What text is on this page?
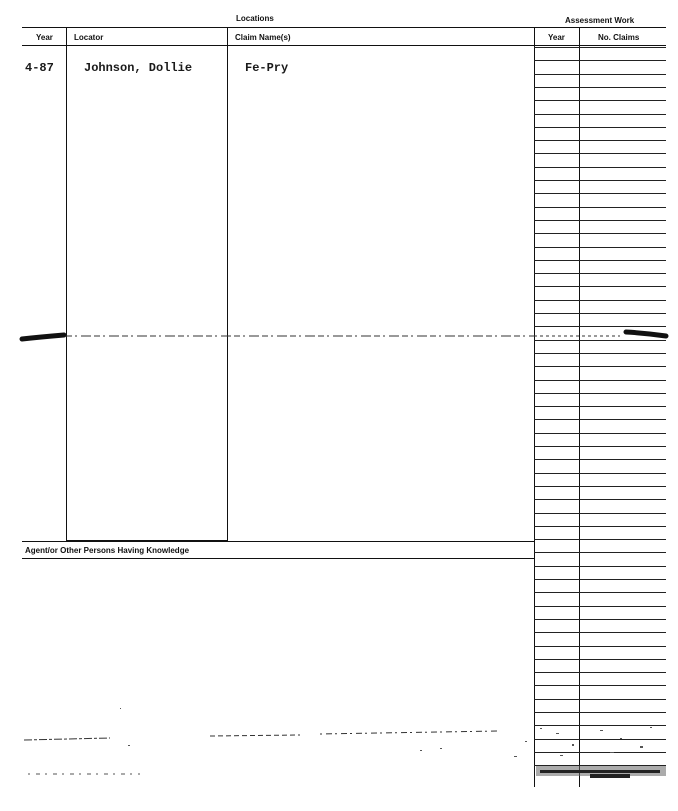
Locations	Assessment Work
Year	Locator	Claim Name(s)	Year	No. Claims
4-87	Johnson, Dollie	Fe-Pry
Agent/or Other Persons Having Knowledge
